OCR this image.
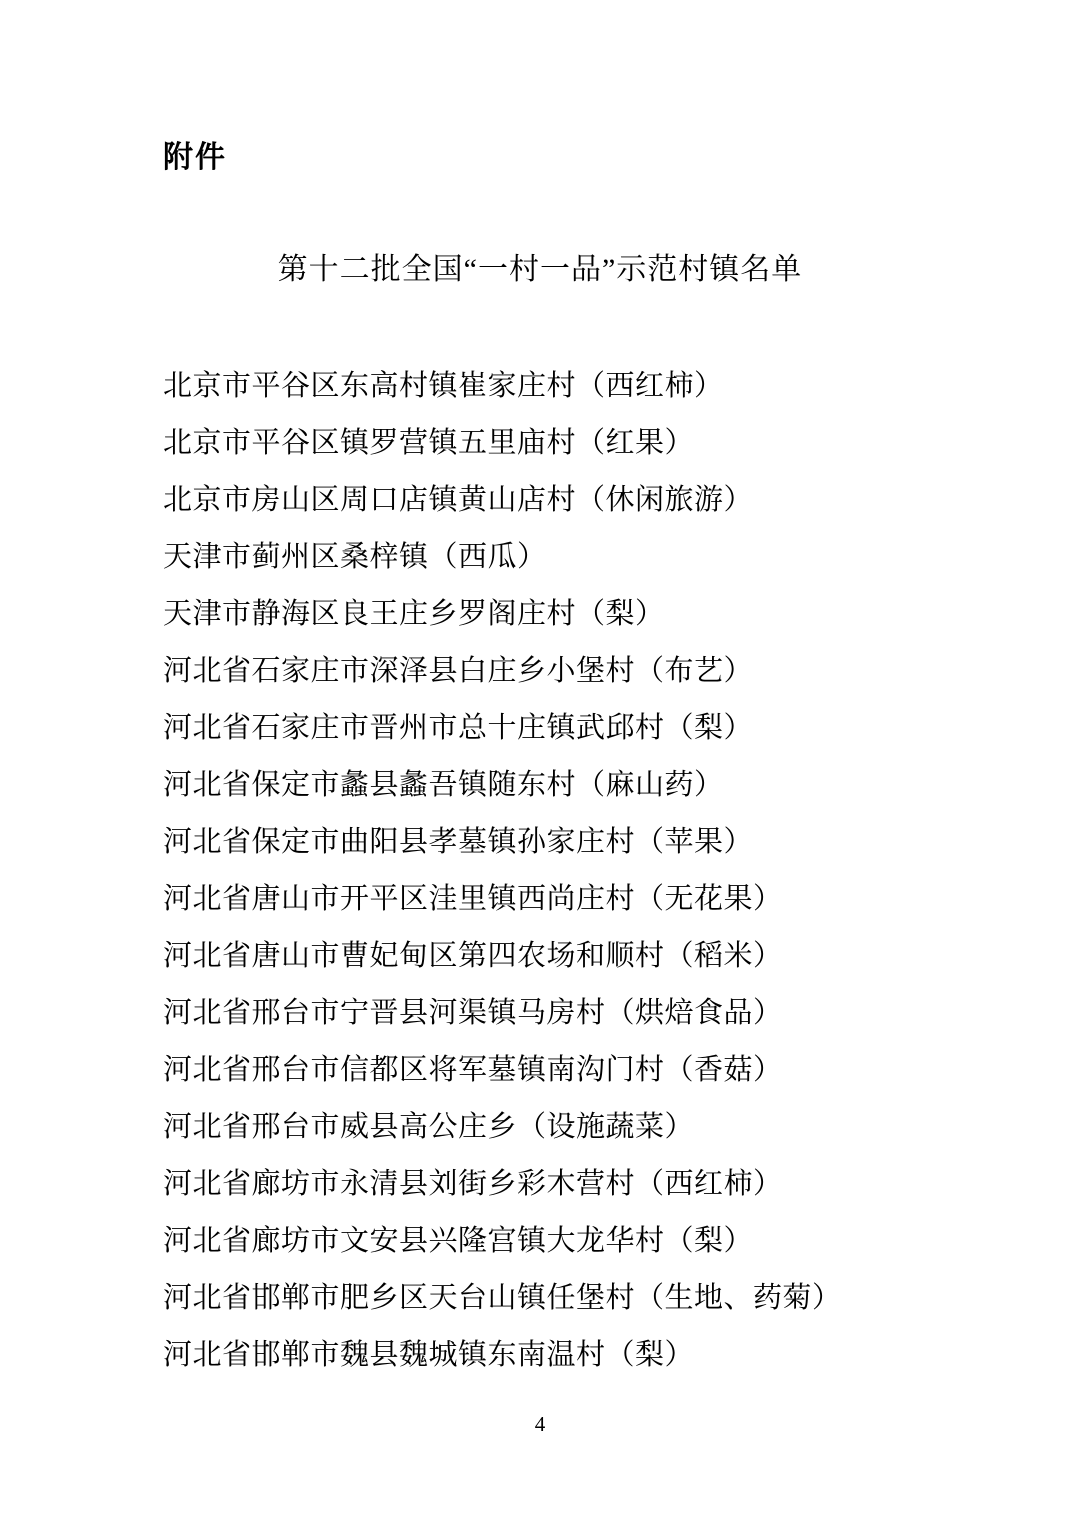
附件
第十二批全国“一村一品”示范村镇名单

北京市平谷区东高村镇崔家庄村（西红柿）

北京市平谷区镇罗营镇五里庙村（红果）

北京市房山区周口店镇黄山店村（休闲旅游）

天津市蓟州区桑梓镇（西瓜）

天津市静海区良王庄乡罗阁庄村（梨）

河北省石家庄市深泽县白庄乡小堡村（布艺）

河北省石家庄市晋州市总十庄镇武邱村（梨）

河北省保定市蠡县蠡吾镇随东村（麻山药）

河北省保定市曲阳县孝墓镇孙家庄村（苹果）

河北省唐山市开平区洼里镇西尚庄村（无花果）

河北省唐山市曹妃甸区第四农场和顺村（稻米）

河北省邢台市宁晋县河渠镇马房村（烘焙食品）

河北省邢台市信都区将军墓镇南沟门村（香菇）

河北省邢台市威县高公庄乡（设施蔬菜）

河北省廊坊市永清县刘街乡彩木营村（西红柿）

河北省廊坊市文安县兴隆宫镇大龙华村（梨）

河北省邯郸市肥乡区天台山镇任堡村（生地、药菊）

河北省邯郸市魏县魏城镇东南温村（梨）

4
